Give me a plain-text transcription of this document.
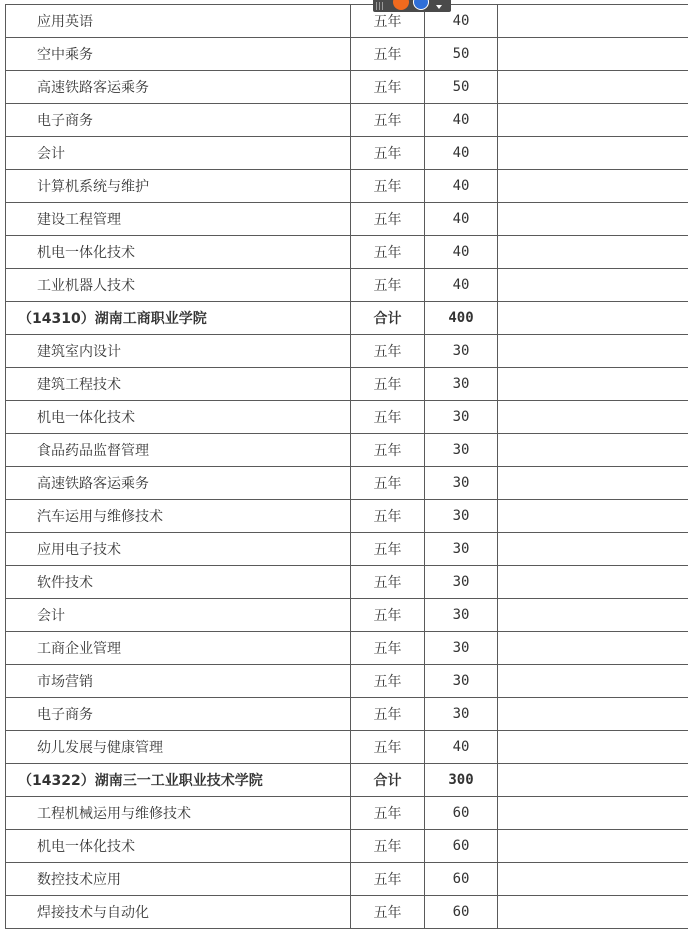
应用英语	五年	40	
空中乘务	五年	50	
高速铁路客运乘务	五年	50	
电子商务	五年	40	
会计	五年	40	
计算机系统与维护	五年	40	
建设工程管理	五年	40	
机电一体化技术	五年	40	
工业机器人技术	五年	40	
（14310）湖南工商职业学院	合计	400	
建筑室内设计	五年	30	
建筑工程技术	五年	30	
机电一体化技术	五年	30	
食品药品监督管理	五年	30	
高速铁路客运乘务	五年	30	
汽车运用与维修技术	五年	30	
应用电子技术	五年	30	
软件技术	五年	30	
会计	五年	30	
工商企业管理	五年	30	
市场营销	五年	30	
电子商务	五年	30	
幼儿发展与健康管理	五年	40	
（14322）湖南三一工业职业技术学院	合计	300	
工程机械运用与维修技术	五年	60	
机电一体化技术	五年	60	
数控技术应用	五年	60	
焊接技术与自动化	五年	60	
